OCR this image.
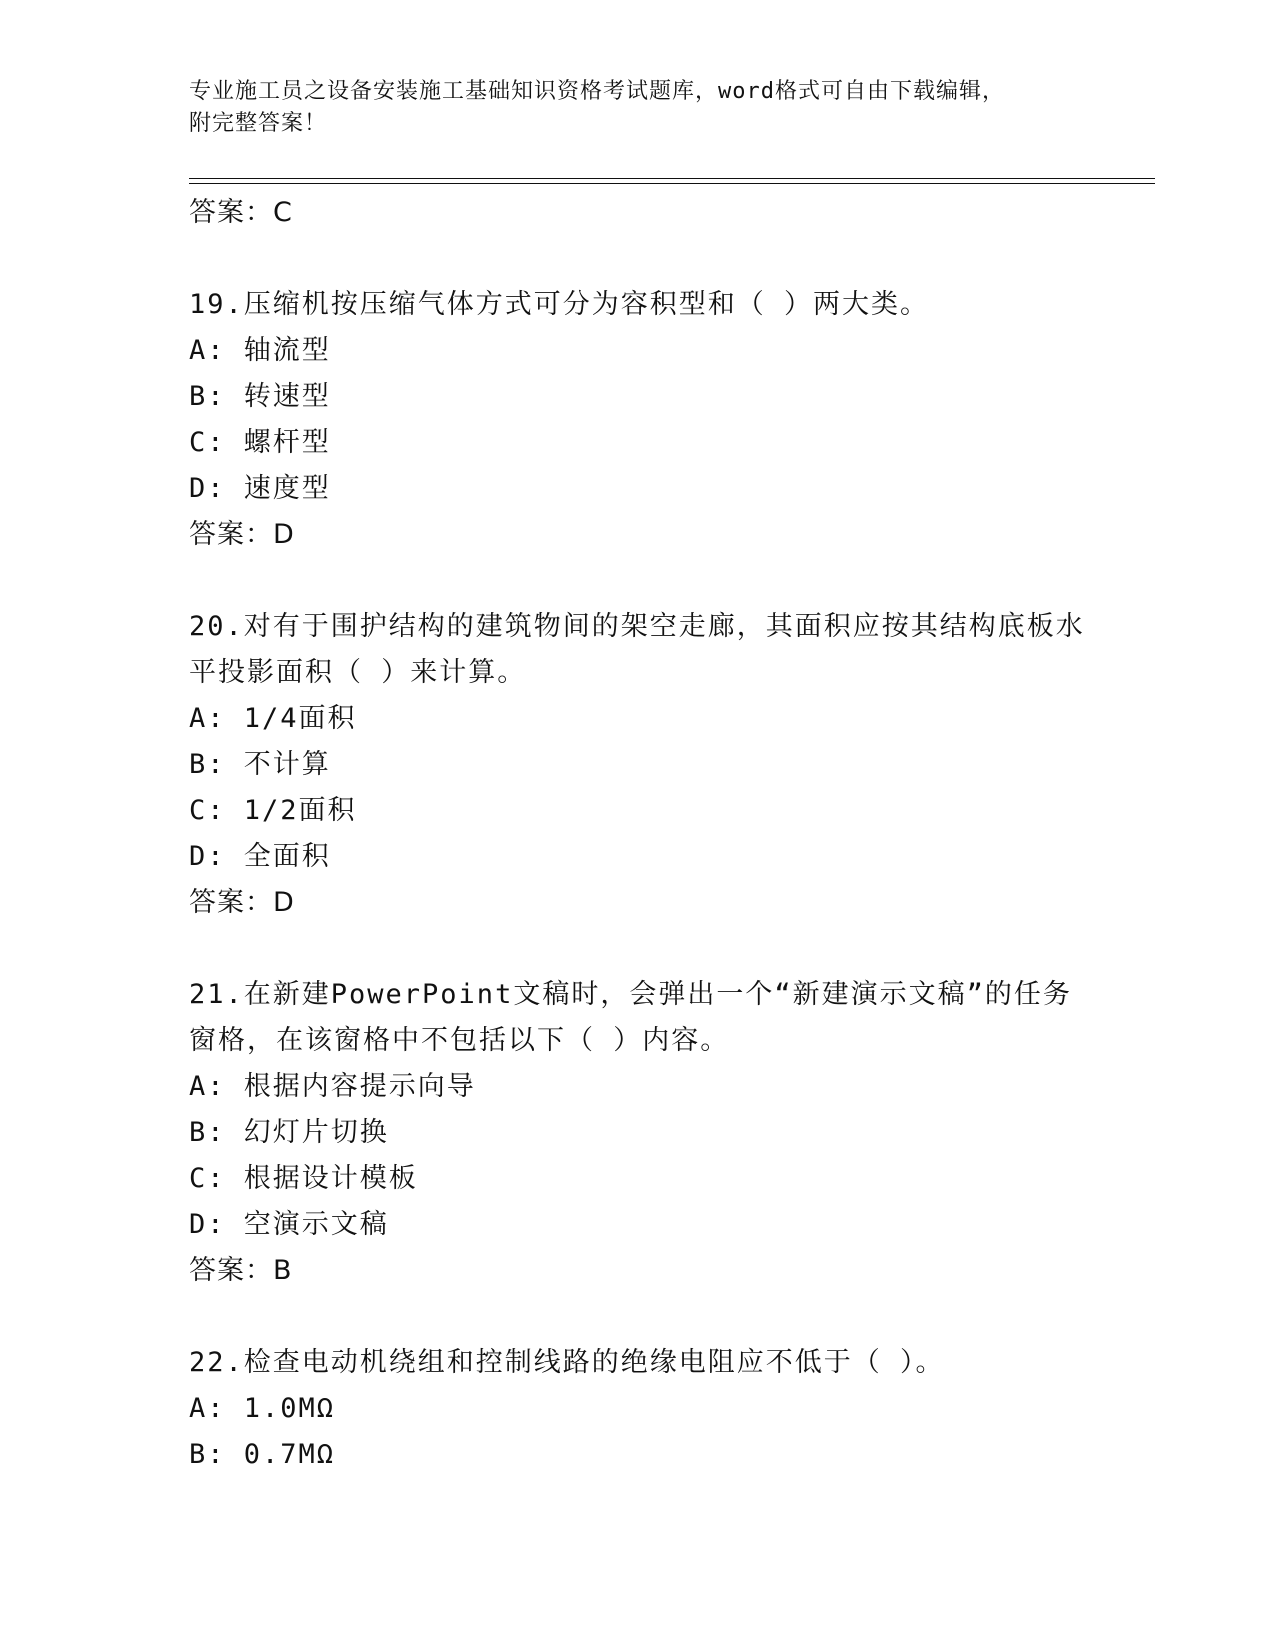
专业施工员之设备安装施工基础知识资格考试题库，word格式可自由下载编辑，
附完整答案！
答案：C
19.压缩机按压缩气体方式可分为容积型和（ ）两大类。
A: 轴流型
B: 转速型
C: 螺杆型
D: 速度型
答案：D
20.对有于围护结构的建筑物间的架空走廊，其面积应按其结构底板水
平投影面积（ ）来计算。
A: 1/4面积
B: 不计算
C: 1/2面积
D: 全面积
答案：D
21.在新建PowerPoint文稿时，会弹出一个“新建演示文稿”的任务
窗格，在该窗格中不包括以下（ ）内容。
A: 根据内容提示向导
B: 幻灯片切换
C: 根据设计模板
D: 空演示文稿
答案：B
22.检查电动机绕组和控制线路的绝缘电阻应不低于（ ）。
A: 1.0MΩ
B: 0.7MΩ
